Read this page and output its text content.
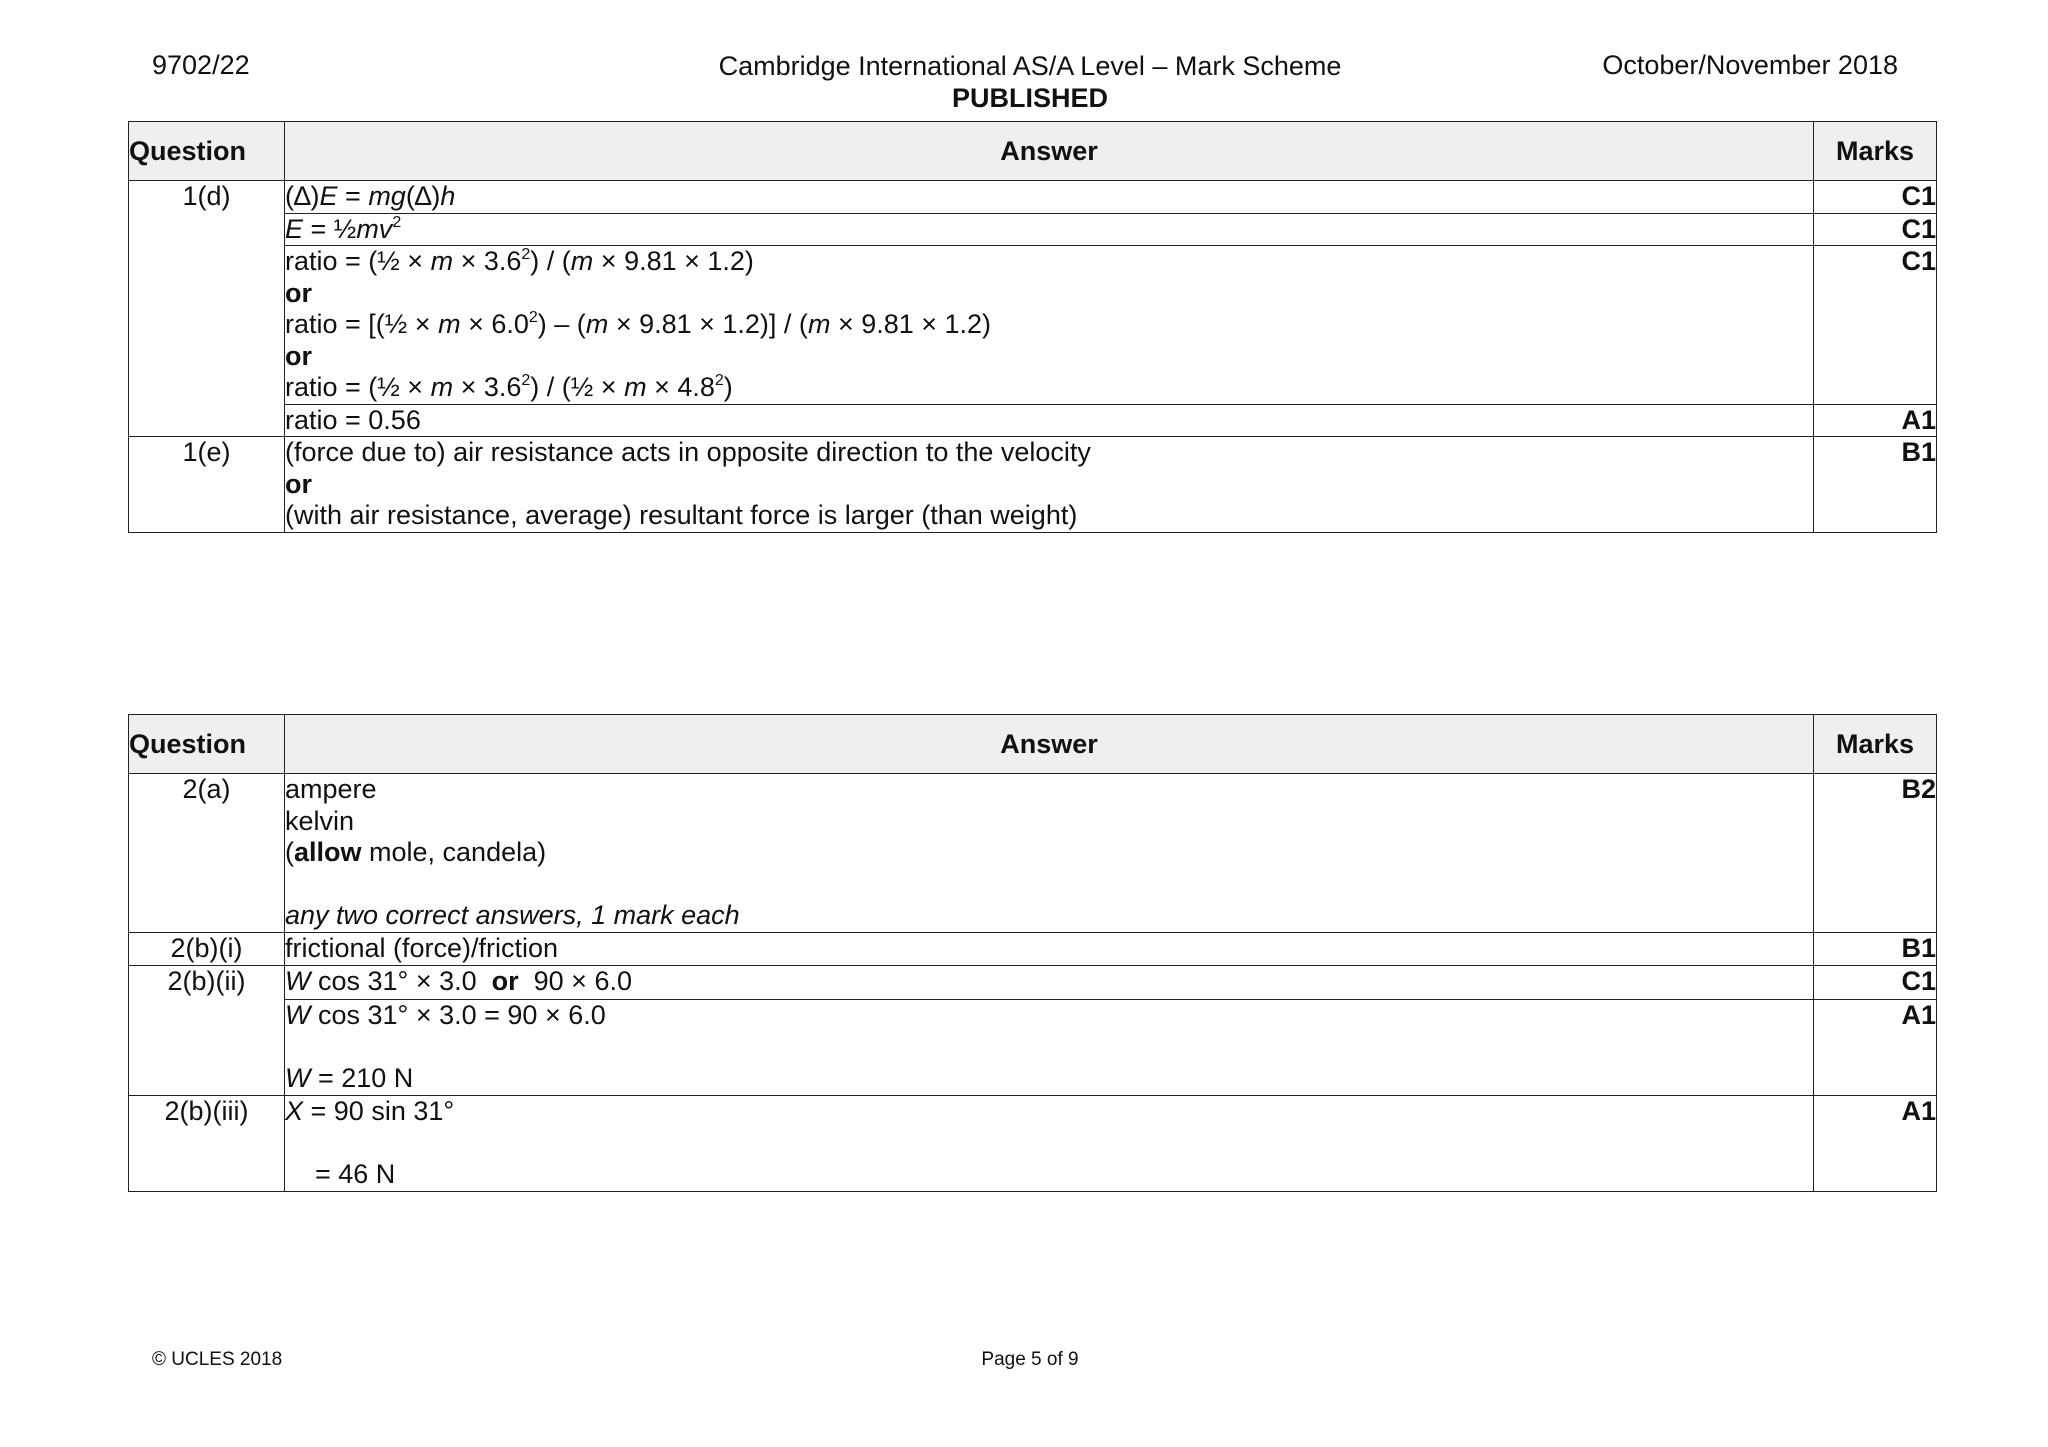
9702/22	Cambridge International AS/A Level – Mark Scheme
PUBLISHED
October/November 2018
Question	Answer	Marks
1(d)	(∆)E = mg(∆)h	C1

	$E = \frac{1}{2}mv^2$	C1

	ratio = (½ × $m \times 3.6^2) / (m \times 9.81 \times 1.2)$
or
ratio = [(½ × $m \times 6.0^2) - (m \times 9.81 \times 1.2)] / (m \times 9.81 \times 1.2)$
or
ratio = (½ × $m \times 3.6^2$) / (½ × $m \times 4.8^2$)	C1

	ratio = 0.56	A1
1(e)	(force due to) air resistance acts in opposite direction to the velocity
or
(with air resistance, average) resultant force is larger (than weight)	B1
Question	Answer	Marks
2(a)	ampere
kelvin
(allow mole, candela)
any two correct answers, 1 mark each	B2
2(b)(i)	frictional (force)/friction	B1
2(b)(ii)	W cos 31° × 3.0  or  90 × 6.0	C1

	W cos 31° × 3.0 = 90 × 6.0
W = 210 N	A1
2(b)(iii)	X = 90 sin 31°
= 46 N	A1
© UCLES 2018	Page 5 of 9
